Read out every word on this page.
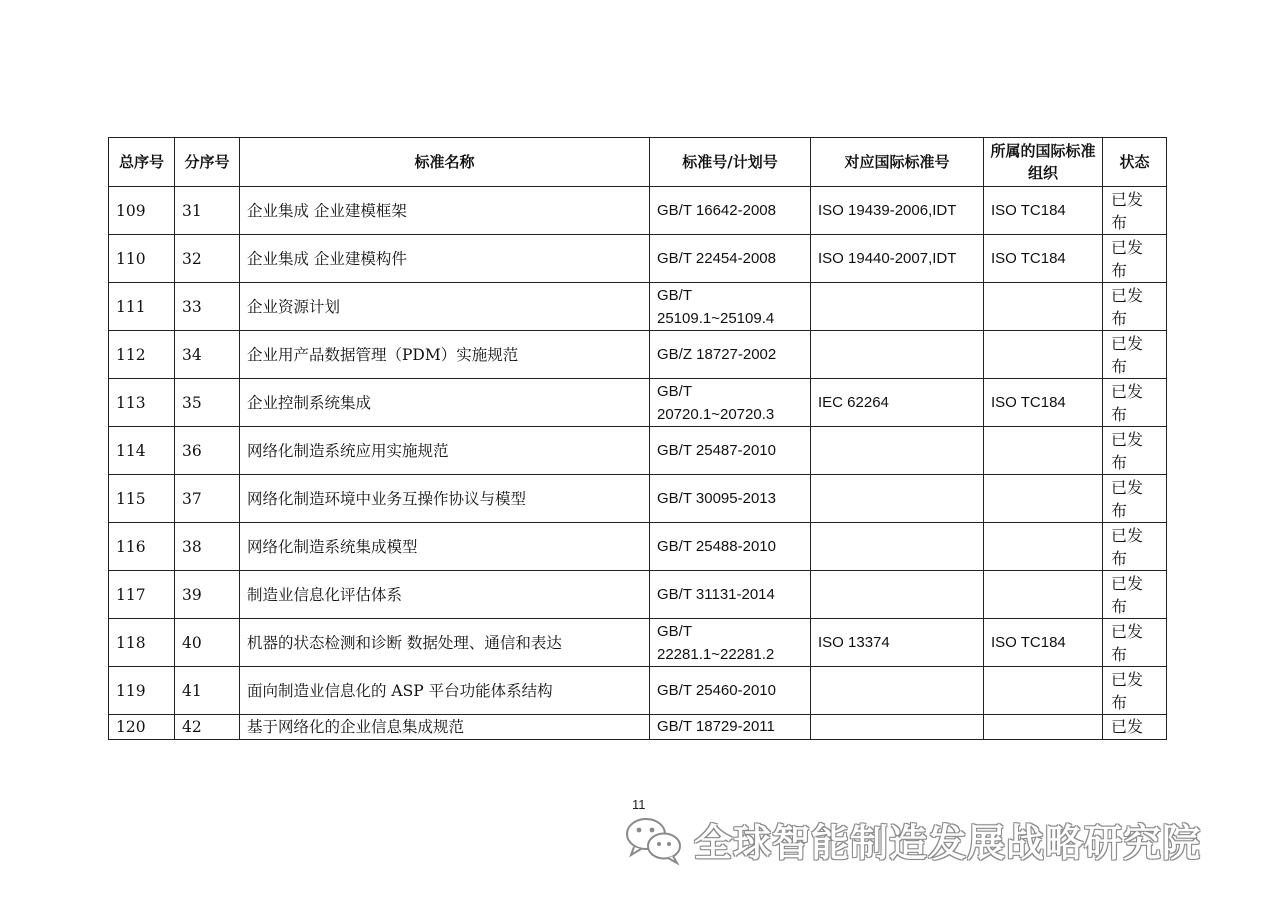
总序号	分序号	标准名称	标准号/计划号	对应国际标准号	所属的国际标准组织	状态
109	31	企业集成 企业建模框架	GB/T 16642-2008	ISO 19439-2006,IDT	ISO TC184	已发布
110	32	企业集成 企业建模构件	GB/T 22454-2008	ISO 19440-2007,IDT	ISO TC184	已发布
111	33	企业资源计划	GB/T 25109.1~25109.4			已发布
112	34	企业用产品数据管理（PDM）实施规范	GB/Z 18727-2002			已发布
113	35	企业控制系统集成	GB/T 20720.1~20720.3	IEC 62264	ISO TC184	已发布
114	36	网络化制造系统应用实施规范	GB/T 25487-2010			已发布
115	37	网络化制造环境中业务互操作协议与模型	GB/T 30095-2013			已发布
116	38	网络化制造系统集成模型	GB/T 25488-2010			已发布
117	39	制造业信息化评估体系	GB/T 31131-2014			已发布
118	40	机器的状态检测和诊断 数据处理、通信和表达	GB/T 22281.1~22281.2	ISO 13374	ISO TC184	已发布
119	41	面向制造业信息化的 ASP 平台功能体系结构	GB/T 25460-2010			已发布
120	42	基于网络化的企业信息集成规范	GB/T 18729-2011			已发
11
全球智能制造发展战略研究院
